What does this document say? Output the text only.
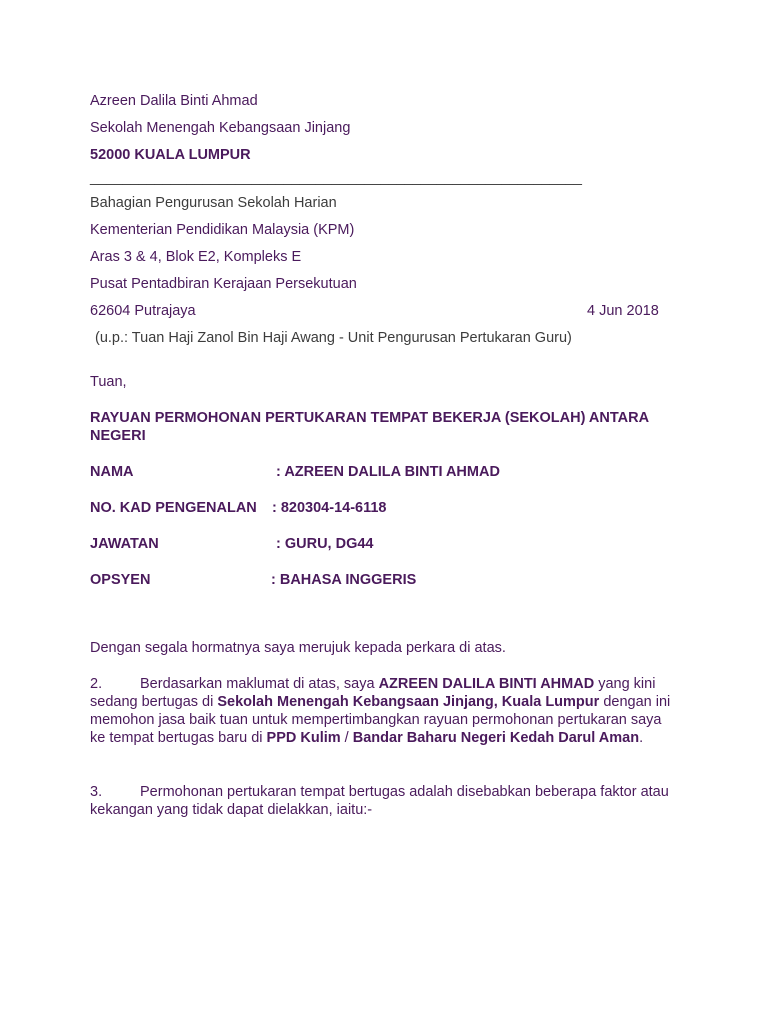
Azreen Dalila Binti Ahmad
Sekolah Menengah Kebangsaan Jinjang
52000 KUALA LUMPUR
_____________________________________________________________
Bahagian Pengurusan Sekolah Harian
Kementerian Pendidikan Malaysia (KPM)
Aras 3 & 4, Blok E2, Kompleks E
Pusat Pentadbiran Kerajaan Persekutuan
62604 Putrajaya	4 Jun 2018
(u.p.: Tuan Haji Zanol Bin Haji Awang - Unit Pengurusan Pertukaran Guru)
Tuan,
RAYUAN PERMOHONAN PERTUKARAN TEMPAT BEKERJA (SEKOLAH) ANTARA
NEGERI
NAMA	: AZREEN DALILA BINTI AHMAD
NO. KAD PENGENALAN : 820304-14-6118
JAWATAN	: GURU, DG44
OPSYEN	: BAHASA INGGERIS
Dengan segala hormatnya saya merujuk kepada perkara di atas.
2.	Berdasarkan maklumat di atas, saya AZREEN DALILA BINTI AHMAD yang kini sedang bertugas di Sekolah Menengah Kebangsaan Jinjang, Kuala Lumpur dengan ini memohon jasa baik tuan untuk mempertimbangkan rayuan permohonan pertukaran saya ke tempat bertugas baru di PPD Kulim / Bandar Baharu Negeri Kedah Darul Aman.
3.	Permohonan pertukaran tempat bertugas adalah disebabkan beberapa faktor atau kekangan yang tidak dapat dielakkan, iaitu:-
